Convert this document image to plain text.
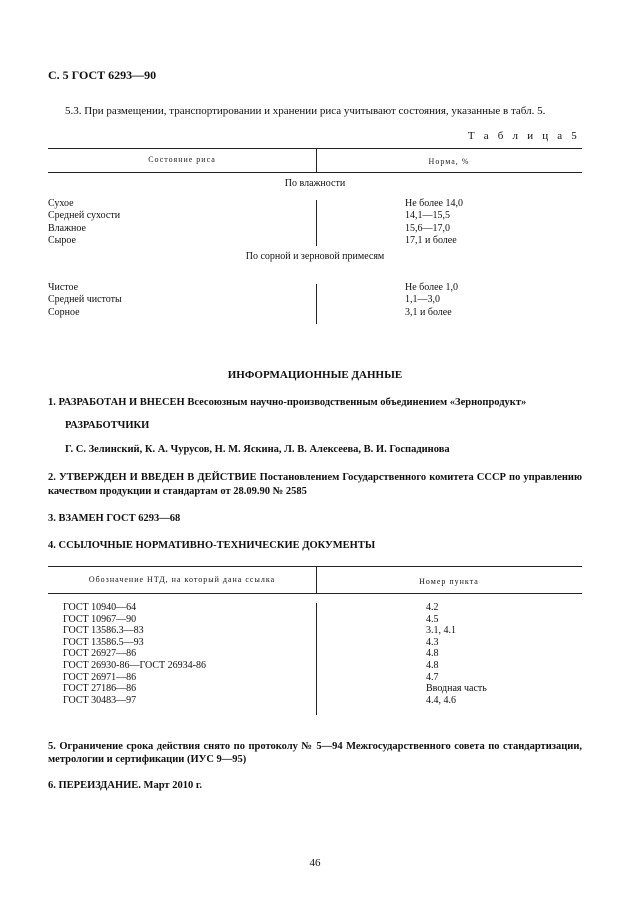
С. 5 ГОСТ 6293—90
5.3. При размещении, транспортировании и хранении риса учитывают состояния, указанные в табл. 5.
Т а б л и ц а 5
Состояние риса	Норма, %
По влажности
Сухое
Средней сухости
Влажное
Сырое
Не более 14,0
14,1—15,5
15,6—17,0
17,1 и более
По сорной и зерновой примесям
Чистое
Средней чистоты
Сорное
Не более 1,0
1,1—3,0
3,1 и более
ИНФОРМАЦИОННЫЕ ДАННЫЕ
1. РАЗРАБОТАН И ВНЕСЕН Всесоюзным научно-производственным объединением «Зернопродукт»
РАЗРАБОТЧИКИ
Г. С. Зелинский, К. А. Чурусов, Н. М. Яскина, Л. В. Алексеева, В. И. Госпадинова
2. УТВЕРЖДЕН И ВВЕДЕН В ДЕЙСТВИЕ Постановлением Государственного комитета СССР по управлению качеством продукции и стандартам от 28.09.90 № 2585
3. ВЗАМЕН ГОСТ 6293—68
4. ССЫЛОЧНЫЕ НОРМАТИВНО-ТЕХНИЧЕСКИЕ ДОКУМЕНТЫ
Обозначение НТД, на который дана ссылка	Номер пункта
ГОСТ 10940—64
ГОСТ 10967—90
ГОСТ 13586.3—83
ГОСТ 13586.5—93
ГОСТ 26927—86
ГОСТ 26930-86—ГОСТ 26934-86
ГОСТ 26971—86
ГОСТ 27186—86
ГОСТ 30483—97
4.2
4.5
3.1, 4.1
4.3
4.8
4.8
4.7
Вводная часть
4.4, 4.6
5. Ограничение срока действия снято по протоколу № 5—94 Межгосударственного совета по стандартизации, метрологии и сертификации (ИУС 9—95)
6. ПЕРЕИЗДАНИЕ. Март 2010 г.
46
